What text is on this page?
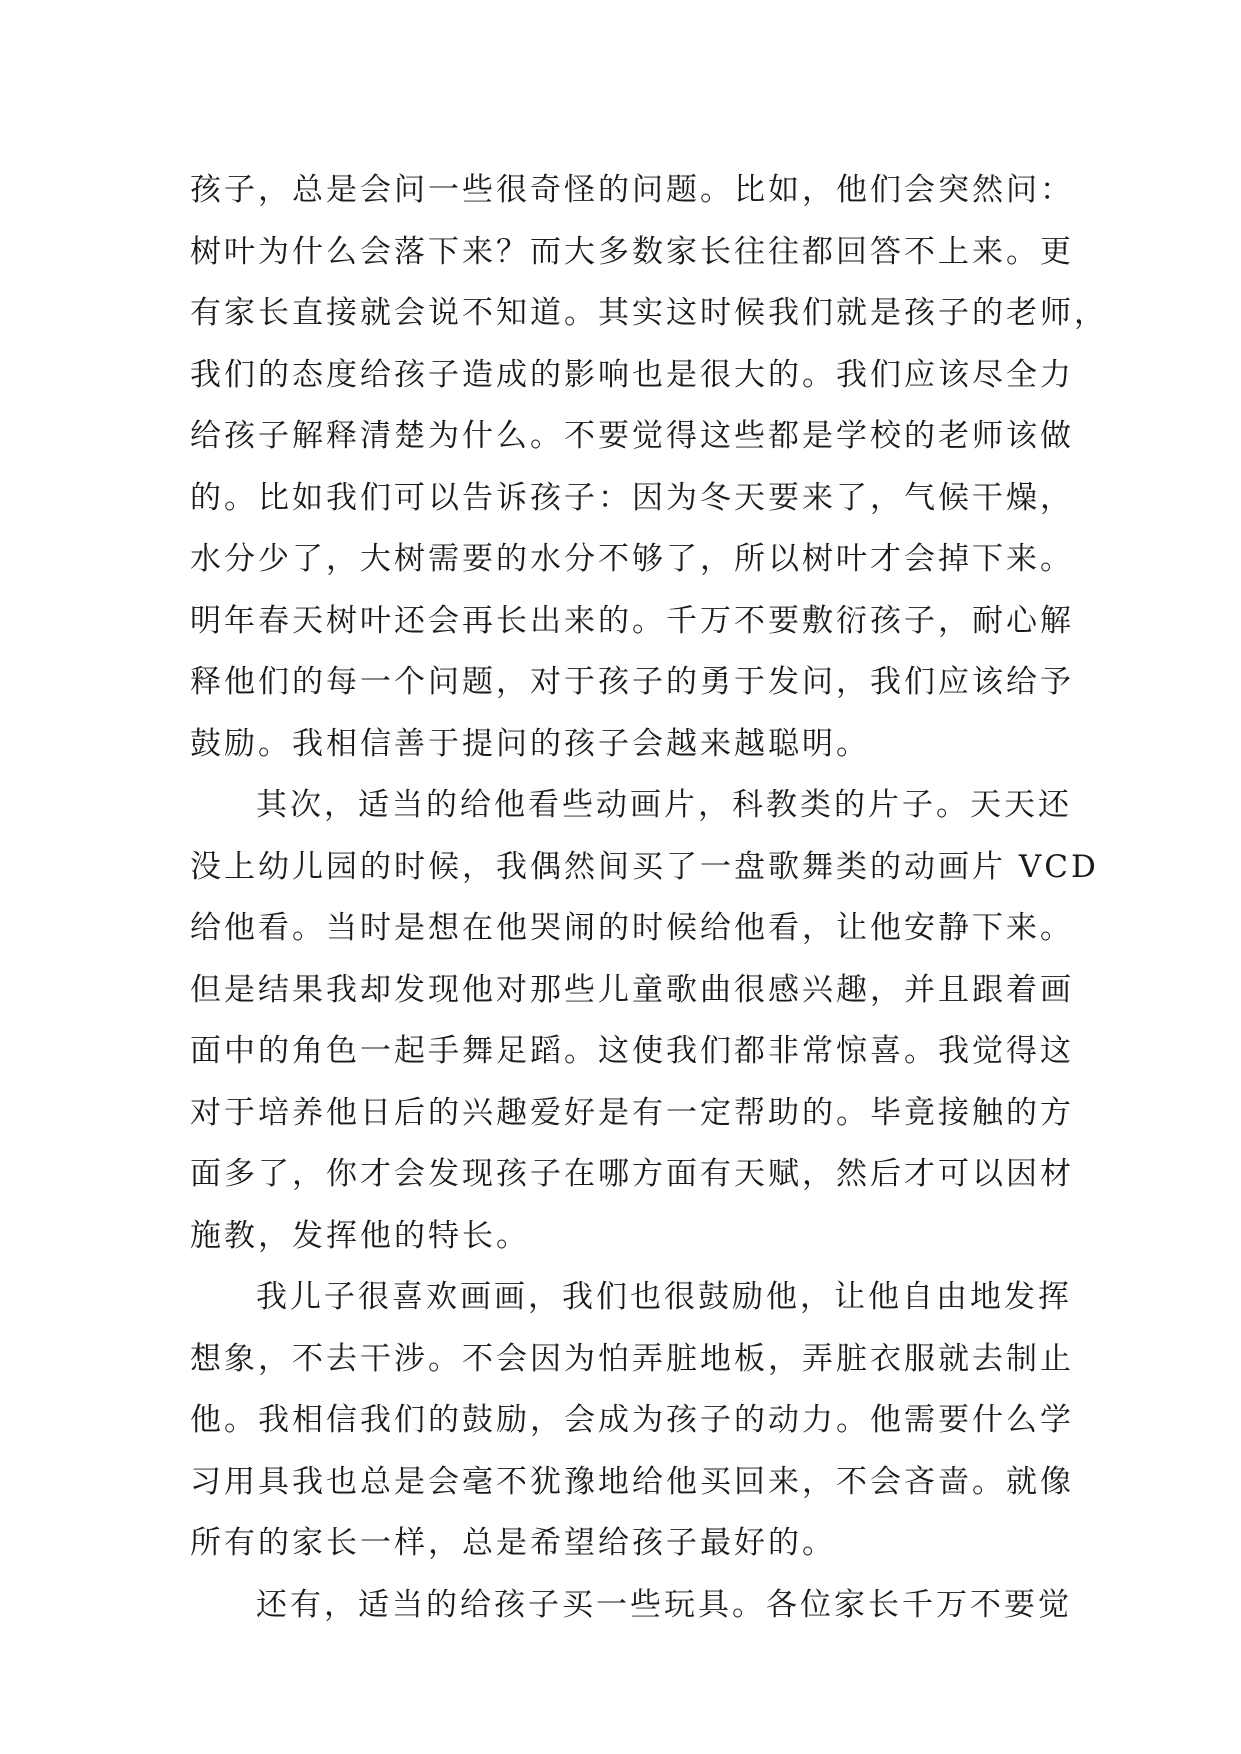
孩子，总是会问一些很奇怪的问题。比如，他们会突然问：
树叶为什么会落下来？而大多数家长往往都回答不上来。更
有家长直接就会说不知道。其实这时候我们就是孩子的老师，
我们的态度给孩子造成的影响也是很大的。我们应该尽全力
给孩子解释清楚为什么。不要觉得这些都是学校的老师该做
的。比如我们可以告诉孩子：因为冬天要来了，气候干燥，
水分少了，大树需要的水分不够了，所以树叶才会掉下来。
明年春天树叶还会再长出来的。千万不要敷衍孩子，耐心解
释他们的每一个问题，对于孩子的勇于发问，我们应该给予
鼓励。我相信善于提问的孩子会越来越聪明。
其次，适当的给他看些动画片，科教类的片子。天天还
没上幼儿园的时候，我偶然间买了一盘歌舞类的动画片 VCD
给他看。当时是想在他哭闹的时候给他看，让他安静下来。
但是结果我却发现他对那些儿童歌曲很感兴趣，并且跟着画
面中的角色一起手舞足蹈。这使我们都非常惊喜。我觉得这
对于培养他日后的兴趣爱好是有一定帮助的。毕竟接触的方
面多了，你才会发现孩子在哪方面有天赋，然后才可以因材
施教，发挥他的特长。
我儿子很喜欢画画，我们也很鼓励他，让他自由地发挥
想象，不去干涉。不会因为怕弄脏地板，弄脏衣服就去制止
他。我相信我们的鼓励，会成为孩子的动力。他需要什么学
习用具我也总是会毫不犹豫地给他买回来，不会吝啬。就像
所有的家长一样，总是希望给孩子最好的。
还有，适当的给孩子买一些玩具。各位家长千万不要觉
